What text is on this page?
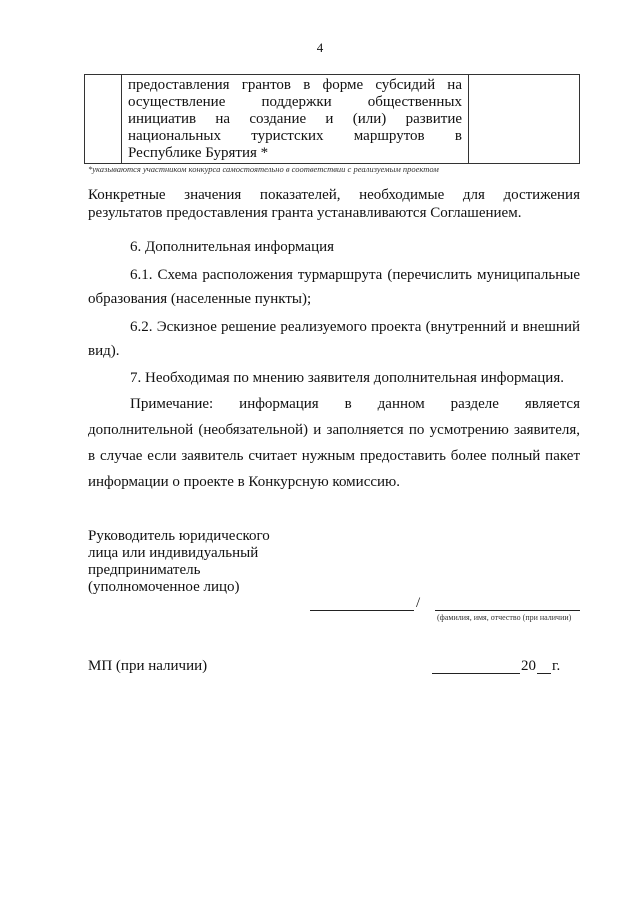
4

предоставления грантов в форме субсидий на
осуществление поддержки общественных
инициатив на создание и (или) развитие
национальных туристских маршрутов в
Республике Бурятия *

*указываются участником конкурса самостоятельно в соответствии с реализуемым проектом
Конкретные значения показателей, необходимые для достижения
результатов предоставления гранта устанавливаются Соглашением.
6. Дополнительная информация
6.1. Схема расположения турмаршрута (перечислить муниципальные
образования (населенные пункты);
6.2. Эскизное решение реализуемого проекта (внутренний и внешний
вид).
7. Необходимая по мнению заявителя дополнительная информация.
Примечание: информация в данном разделе является
дополнительной (необязательной) и заполняется по усмотрению заявителя,
в случае если заявитель считает нужным предоставить более полный пакет
информации о проекте в Конкурсную комиссию.
Руководитель юридического
лица или индивидуальный
предприниматель
(уполномоченное лицо)
/
(фамилия, имя, отчество (при наличии)
МП (при наличии)	20 г.
